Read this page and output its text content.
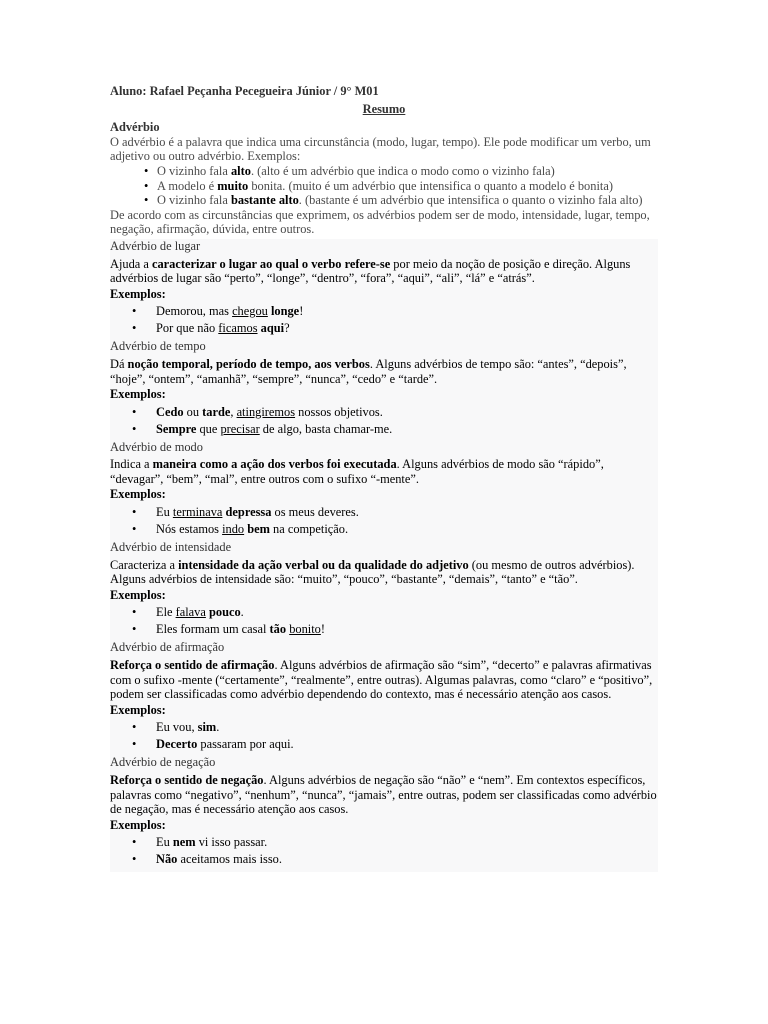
Aluno: Rafael Peçanha Pecegueira Júnior / 9° M01
Resumo
Advérbio
O advérbio é a palavra que indica uma circunstância (modo, lugar, tempo). Ele pode modificar um verbo, um adjetivo ou outro advérbio. Exemplos:
• O vizinho fala alto. (alto é um advérbio que indica o modo como o vizinho fala)
• A modelo é muito bonita. (muito é um advérbio que intensifica o quanto a modelo é bonita)
• O vizinho fala bastante alto. (bastante é um advérbio que intensifica o quanto o vizinho fala alto)
De acordo com as circunstâncias que exprimem, os advérbios podem ser de modo, intensidade, lugar, tempo, negação, afirmação, dúvida, entre outros.
Advérbio de lugar

Ajuda a caracterizar o lugar ao qual o verbo refere-se por meio da noção de posição e direção. Alguns advérbios de lugar são “perto”, “longe”, “dentro”, “fora”, “aqui”, “ali”, “lá” e “atrás”.

Exemplos:
• Demorou, mas chegou longe!
• Por que não ficamos aqui?
Advérbio de tempo

Dá noção temporal, período de tempo, aos verbos. Alguns advérbios de tempo são: “antes”, “depois”, “hoje”, “ontem”, “amanhã”, “sempre”, “nunca”, “cedo” e “tarde”.

Exemplos:
• Cedo ou tarde, atingiremos nossos objetivos.
• Sempre que precisar de algo, basta chamar-me.
Advérbio de modo

Indica a maneira como a ação dos verbos foi executada. Alguns advérbios de modo são “rápido”, “devagar”, “bem”, “mal”, entre outros com o sufixo “-mente”.

Exemplos:
• Eu terminava depressa os meus deveres.
• Nós estamos indo bem na competição.
Advérbio de intensidade

Caracteriza a intensidade da ação verbal ou da qualidade do adjetivo (ou mesmo de outros advérbios). Alguns advérbios de intensidade são: “muito”, “pouco”, “bastante”, “demais”, “tanto” e “tão”.

Exemplos:
• Ele falava pouco.
• Eles formam um casal tão bonito!
Advérbio de afirmação

Reforça o sentido de afirmação. Alguns advérbios de afirmação são “sim”, “decerto” e palavras afirmativas com o sufixo -mente (“certamente”, “realmente”, entre outras). Algumas palavras, como “claro” e “positivo”, podem ser classificadas como advérbio dependendo do contexto, mas é necessário atenção aos casos.

Exemplos:
• Eu vou, sim.
• Decerto passaram por aqui.
Advérbio de negação

Reforça o sentido de negação. Alguns advérbios de negação são “não” e “nem”. Em contextos específicos, palavras como “negativo”, “nenhum”, “nunca”, “jamais”, entre outras, podem ser classificadas como advérbio de negação, mas é necessário atenção aos casos.

Exemplos:
• Eu nem vi isso passar.
• Não aceitamos mais isso.
